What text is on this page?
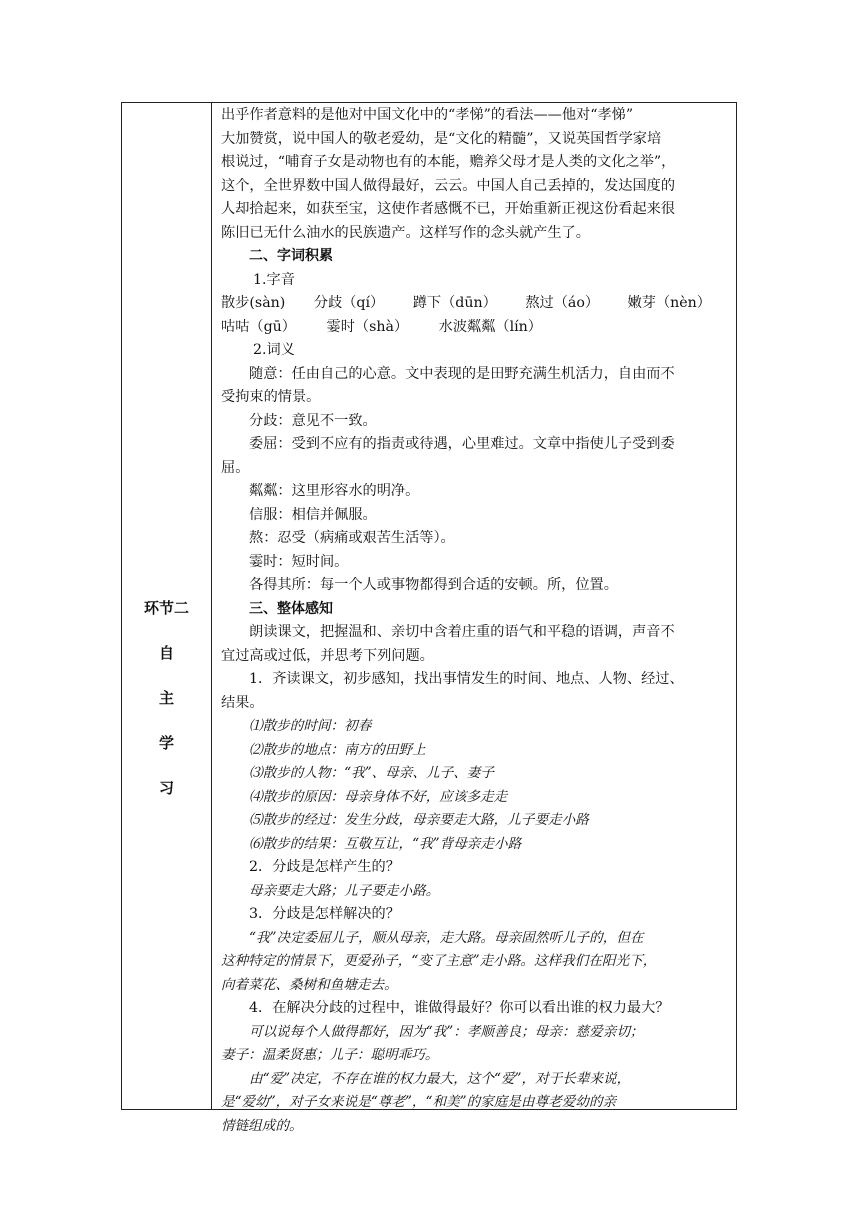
环节二
自
主
学
习

出乎作者意料的是他对中国文化中的“孝悌”的看法——他对“孝悌”

大加赞赏，说中国人的敬老爱幼，是“文化的精髓”，又说英国哲学家培

根说过，“哺育子女是动物也有的本能，赡养父母才是人类的文化之举”，

这个，全世界数中国人做得最好，云云。中国人自己丢掉的，发达国度的

人却拾起来，如获至宝，这使作者感慨不已，开始重新正视这份看起来很

陈旧已无什么油水的民族遗产。这样写作的念头就产生了。

二、字词积累

1.字音

散步(sàn) 分歧（qí） 蹲下（dūn） 熬过（áo） 嫩芽（nèn）

咕咕（gū） 霎时（shà） 水波粼粼（lín）

2.词义

随意：任由自己的心意。文中表现的是田野充满生机活力，自由而不

受拘束的情景。

分歧：意见不一致。

委屈：受到不应有的指责或待遇，心里难过。文章中指使儿子受到委

屈。

粼粼：这里形容水的明净。

信服：相信并佩服。

熬：忍受（病痛或艰苦生活等）。

霎时：短时间。

各得其所：每一个人或事物都得到合适的安顿。所，位置。

三、整体感知

朗读课文，把握温和、亲切中含着庄重的语气和平稳的语调，声音不

宜过高或过低，并思考下列问题。

1．齐读课文，初步感知，找出事情发生的时间、地点、人物、经过、

结果。

⑴散步的时间：初春

⑵散步的地点：南方的田野上

⑶散步的人物：“我”、母亲、儿子、妻子

⑷散步的原因：母亲身体不好，应该多走走

⑸散步的经过：发生分歧，母亲要走大路，儿子要走小路

⑹散步的结果：互敬互让，“我”背母亲走小路

2．分歧是怎样产生的？

母亲要走大路；儿子要走小路。

3．分歧是怎样解决的？

“我”决定委屈儿子，顺从母亲，走大路。母亲固然听儿子的，但在

这种特定的情景下，更爱孙子，“变了主意”走小路。这样我们在阳光下，

向着菜花、桑树和鱼塘走去。

4．在解决分歧的过程中，谁做得最好？你可以看出谁的权力最大？

可以说每个人做得都好，因为“我”：孝顺善良；母亲：慈爱亲切；

妻子：温柔贤惠；儿子：聪明乖巧。

由“爱”决定，不存在谁的权力最大，这个“爱”，对于长辈来说，

是“爱幼”，对子女来说是“尊老”，“和美”的家庭是由尊老爱幼的亲

情链组成的。
